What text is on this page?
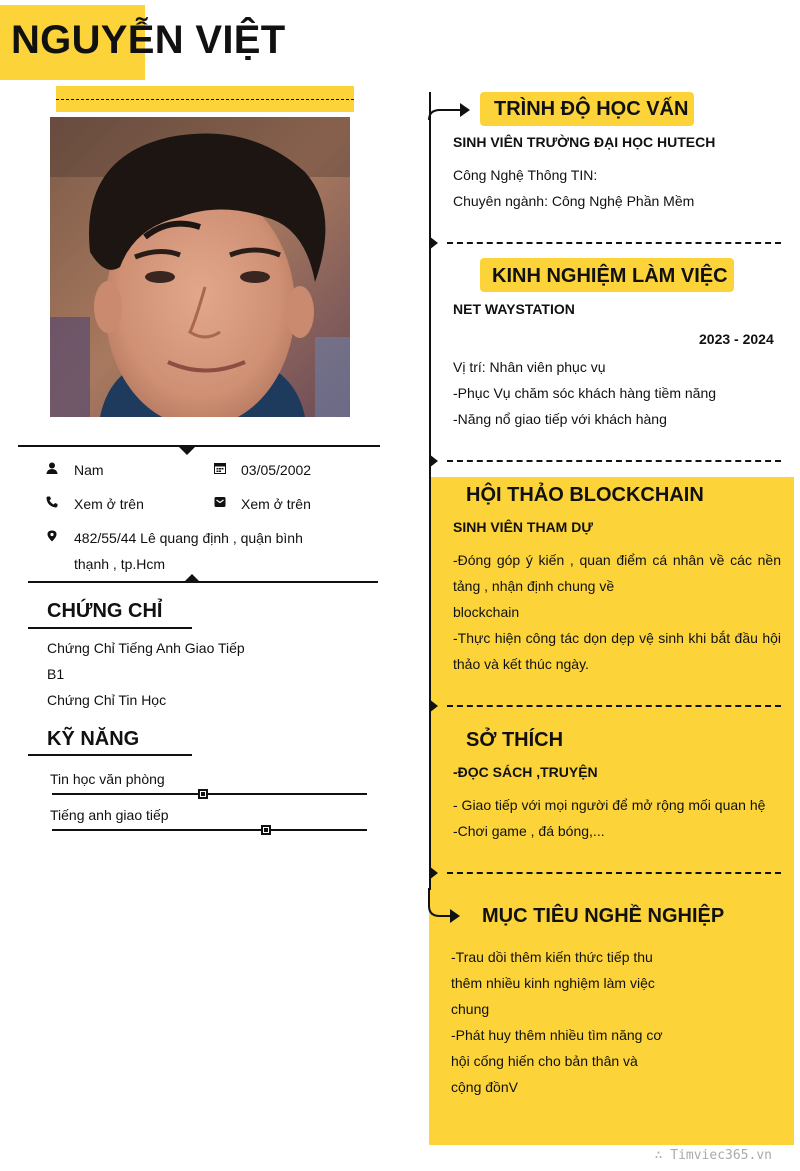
NGUYỄN VIỆT
Nam	03/05/2002
Xem ở trên	Xem ở trên
482/55/44 Lê quang định , quận bình
thạnh , tp.Hcm
CHỨNG CHỈ
Chứng Chỉ Tiếng Anh Giao Tiếp
B1
Chứng Chỉ Tin Học
KỸ NĂNG
Tin học văn phòng
Tiếng anh giao tiếp
TRÌNH ĐỘ HỌC VẤN
SINH VIÊN TRƯỜNG ĐẠI HỌC HUTECH
Công Nghệ Thông TIN:
Chuyên ngành: Công Nghệ Phần Mềm
KINH NGHIỆM LÀM VIỆC
NET WAYSTATION
2023 - 2024
Vị trí: Nhân viên phục vụ
-Phục Vụ chăm sóc khách hàng tiềm năng
-Năng nổ giao tiếp với khách hàng
HỘI THẢO BLOCKCHAIN
SINH VIÊN THAM DỰ
-Đóng góp ý kiến , quan điểm cá nhân về các nền tảng , nhận định chung về
blockchain
-Thực hiện công tác dọn dẹp vệ sinh khi bắt đầu hội thảo và kết thúc ngày.
SỞ THÍCH
-ĐỌC SÁCH ,TRUYỆN
- Giao tiếp với mọi người để mở rộng mối quan hệ
-Chơi game , đá bóng,...
MỤC TIÊU NGHỀ NGHIỆP
-Trau dồi thêm kiến thức tiếp thu
thêm nhiều kinh nghiệm làm việc
chung
-Phát huy thêm nhiều tìm năng cơ
hội cống hiến cho bản thân và
cộng đồnV
∴ Timviec365.vn
